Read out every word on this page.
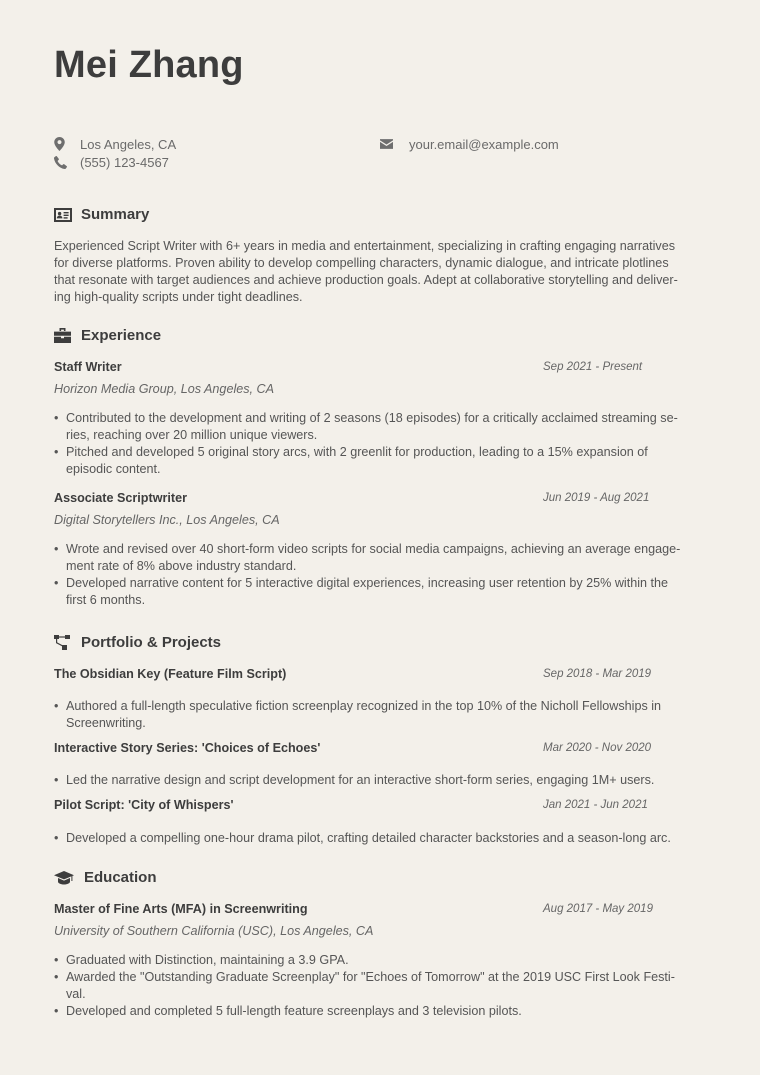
Mei Zhang
Los Angeles, CA
(555) 123-4567
your.email@example.com
Summary
Experienced Script Writer with 6+ years in media and entertainment, specializing in crafting engaging narratives
for diverse platforms. Proven ability to develop compelling characters, dynamic dialogue, and intricate plotlines
that resonate with target audiences and achieve production goals. Adept at collaborative storytelling and deliver-
ing high-quality scripts under tight deadlines.
Experience
Staff Writer	Sep 2021 - Present
Horizon Media Group, Los Angeles, CA
• Contributed to the development and writing of 2 seasons (18 episodes) for a critically acclaimed streaming se-
ries, reaching over 20 million unique viewers.
• Pitched and developed 5 original story arcs, with 2 greenlit for production, leading to a 15% expansion of
episodic content.
Associate Scriptwriter	Jun 2019 - Aug 2021
Digital Storytellers Inc., Los Angeles, CA
• Wrote and revised over 40 short-form video scripts for social media campaigns, achieving an average engage-
ment rate of 8% above industry standard.
• Developed narrative content for 5 interactive digital experiences, increasing user retention by 25% within the
first 6 months.
Portfolio & Projects
The Obsidian Key (Feature Film Script)	Sep 2018 - Mar 2019
• Authored a full-length speculative fiction screenplay recognized in the top 10% of the Nicholl Fellowships in
Screenwriting.
Interactive Story Series: 'Choices of Echoes'	Mar 2020 - Nov 2020
• Led the narrative design and script development for an interactive short-form series, engaging 1M+ users.
Pilot Script: 'City of Whispers'	Jan 2021 - Jun 2021
• Developed a compelling one-hour drama pilot, crafting detailed character backstories and a season-long arc.
Education
Master of Fine Arts (MFA) in Screenwriting	Aug 2017 - May 2019
University of Southern California (USC), Los Angeles, CA
• Graduated with Distinction, maintaining a 3.9 GPA.
• Awarded the "Outstanding Graduate Screenplay" for "Echoes of Tomorrow" at the 2019 USC First Look Festi-
val.
• Developed and completed 5 full-length feature screenplays and 3 television pilots.
